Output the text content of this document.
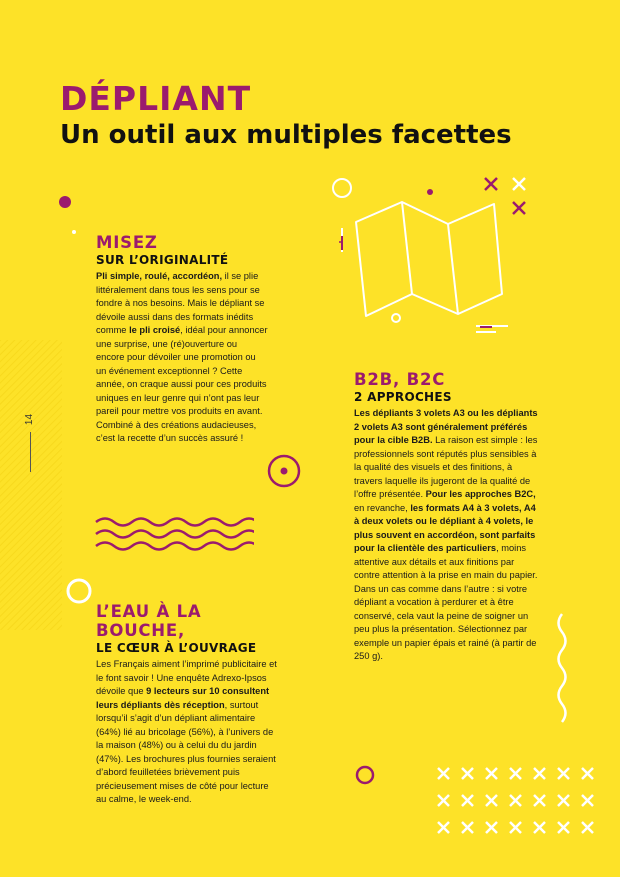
DÉPLIANT
Un outil aux multiples facettes
14
MISEZ
SUR L’ORIGINALITÉ

Pli simple, roulé, accordéon, il se plie littéralement dans tous les sens pour se fondre à nos besoins. Mais le dépliant se dévoile aussi dans des formats inédits comme le pli croisé, idéal pour annoncer une surprise, une (ré)ouverture ou encore pour dévoiler une promotion ou un événement exceptionnel ? Cette année, on craque aussi pour ces produits uniques en leur genre qui n’ont pas leur pareil pour mettre vos produits en avant. Combiné à des créations audacieuses, c’est la recette d’un succès assuré !

B2B, B2C
2 APPROCHES

Les dépliants 3 volets A3 ou les dépliants 2 volets A3 sont généralement préférés pour la cible B2B. La raison est simple : les professionnels sont réputés plus sensibles à la qualité des visuels et des finitions, à travers laquelle ils jugeront de la qualité de l’offre présentée. Pour les approches B2C, en revanche, les formats A4 à 3 volets, A4 à deux volets ou le dépliant à 4 volets, le plus souvent en accordéon, sont parfaits pour la clientèle des particuliers, moins attentive aux détails et aux finitions par contre attention à la prise en main du papier. Dans un cas comme dans l’autre : si votre dépliant a vocation à perdurer et à être conservé, cela vaut la peine de soigner un peu plus la présentation. Sélectionnez par exemple un papier épais et rainé (à partir de 250 g).

L’EAU À LA BOUCHE,
LE CŒUR À L’OUVRAGE

Les Français aiment l’imprimé publicitaire et le font savoir ! Une enquête Adrexo-Ipsos dévoile que 9 lecteurs sur 10 consultent leurs dépliants dès réception, surtout lorsqu’il s’agit d’un dépliant alimentaire (64%) lié au bricolage (56%), à l’univers de la maison (48%) ou à celui du du jardin (47%). Les brochures plus fournies seraient d’abord feuilletées brièvement puis précieusement mises de côté pour lecture au calme, le week-end.
